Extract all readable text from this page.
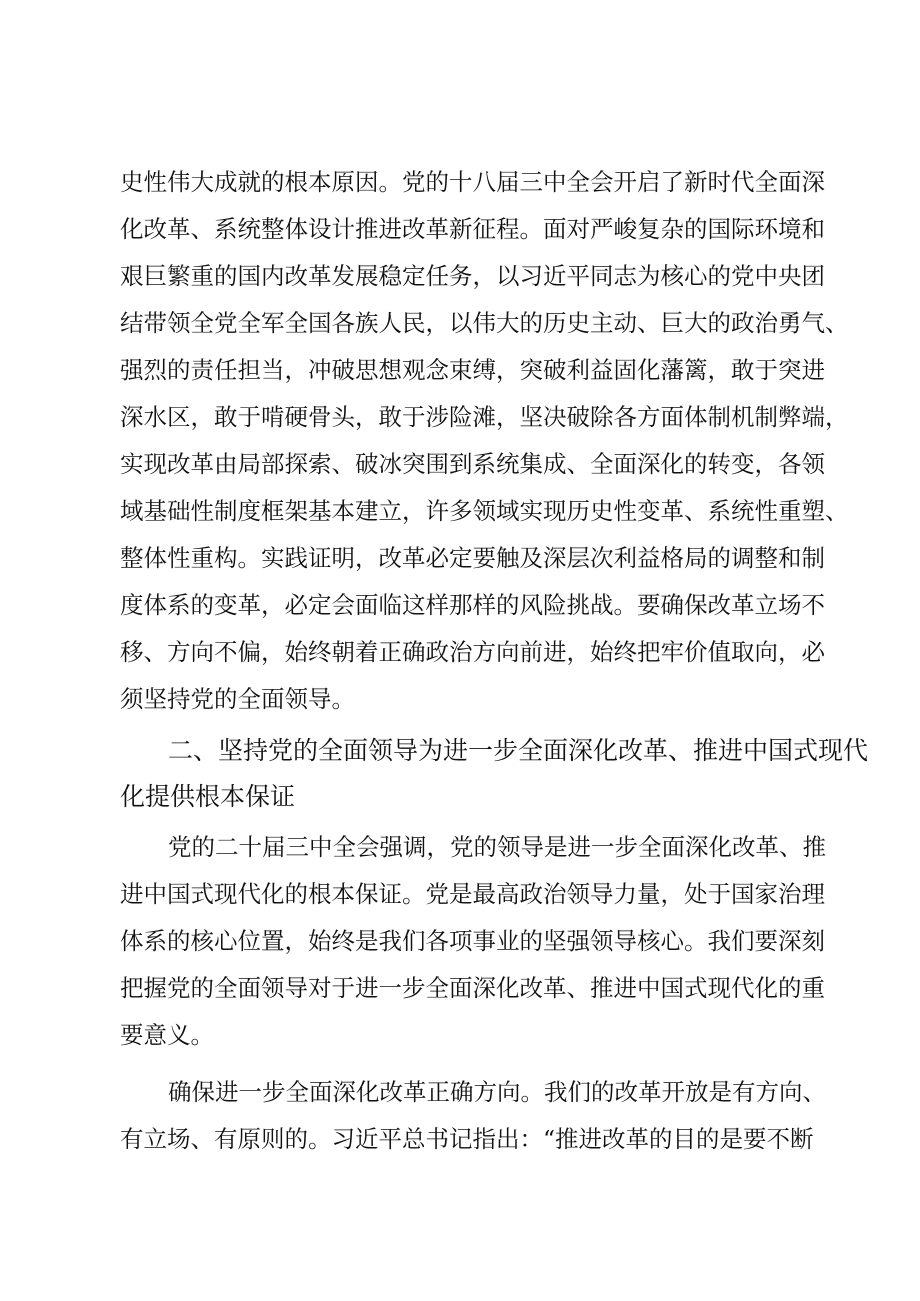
史性伟大成就的根本原因。党的十八届三中全会开启了新时代全面深
化改革、系统整体设计推进改革新征程。面对严峻复杂的国际环境和
艰巨繁重的国内改革发展稳定任务，以习近平同志为核心的党中央团
结带领全党全军全国各族人民，以伟大的历史主动、巨大的政治勇气、
强烈的责任担当，冲破思想观念束缚，突破利益固化藩篱，敢于突进
深水区，敢于啃硬骨头，敢于涉险滩，坚决破除各方面体制机制弊端，
实现改革由局部探索、破冰突围到系统集成、全面深化的转变，各领
域基础性制度框架基本建立，许多领域实现历史性变革、系统性重塑、
整体性重构。实践证明，改革必定要触及深层次利益格局的调整和制
度体系的变革，必定会面临这样那样的风险挑战。要确保改革立场不
移、方向不偏，始终朝着正确政治方向前进，始终把牢价值取向，必
须坚持党的全面领导。
二、坚持党的全面领导为进一步全面深化改革、推进中国式现代
化提供根本保证
党的二十届三中全会强调，党的领导是进一步全面深化改革、推
进中国式现代化的根本保证。党是最高政治领导力量，处于国家治理
体系的核心位置，始终是我们各项事业的坚强领导核心。我们要深刻
把握党的全面领导对于进一步全面深化改革、推进中国式现代化的重
要意义。
确保进一步全面深化改革正确方向。我们的改革开放是有方向、
有立场、有原则的。习近平总书记指出：“推进改革的目的是要不断
